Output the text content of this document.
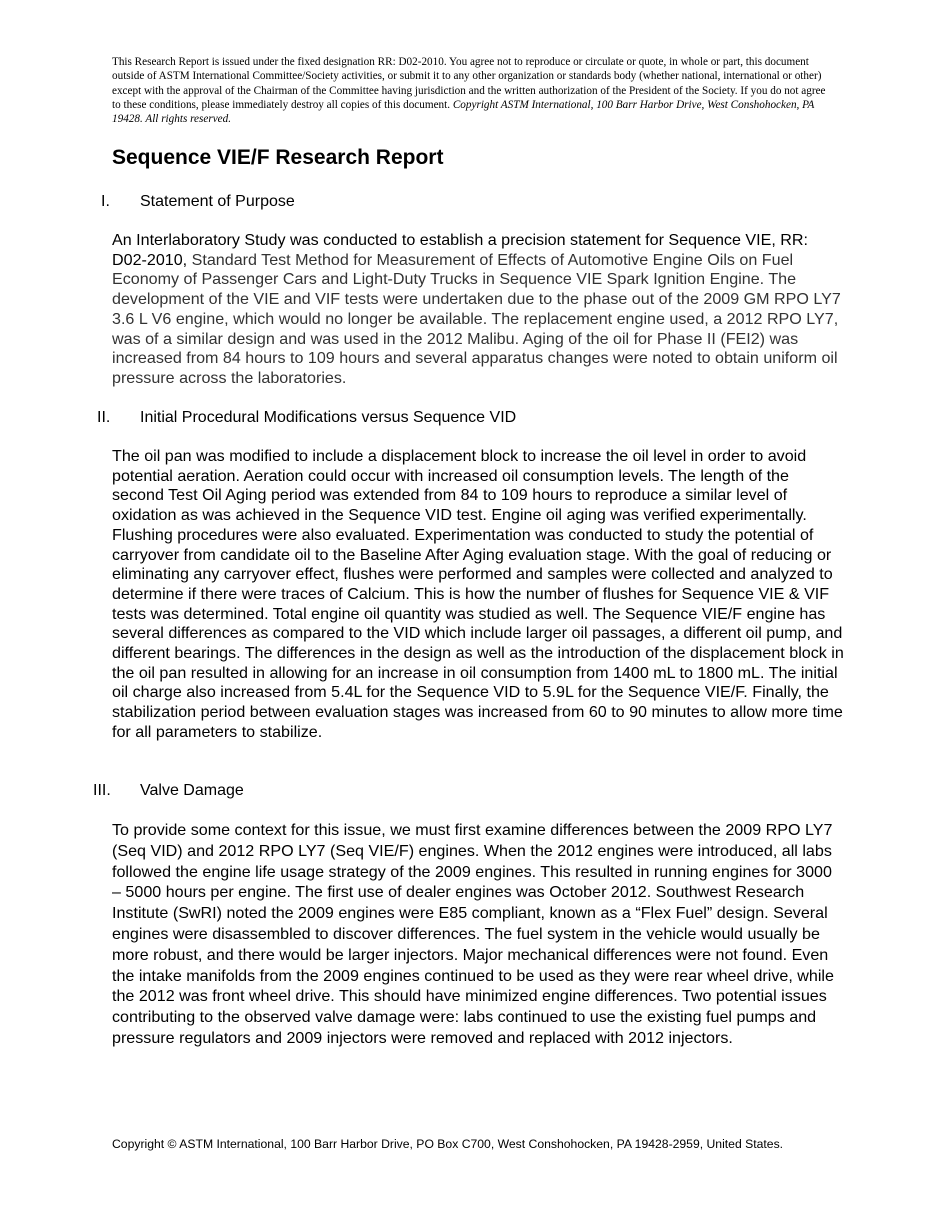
This Research Report is issued under the fixed designation RR: D02-2010. You agree not to reproduce or circulate or quote, in whole or part, this document outside of ASTM International Committee/Society activities, or submit it to any other organization or standards body (whether national, international or other) except with the approval of the Chairman of the Committee having jurisdiction and the written authorization of the President of the Society. If you do not agree to these conditions, please immediately destroy all copies of this document. Copyright ASTM International, 100 Barr Harbor Drive, West Conshohocken, PA 19428. All rights reserved.
Sequence VIE/F Research Report
I.	Statement of Purpose
An Interlaboratory Study was conducted to establish a precision statement for Sequence VIE, RR: D02-2010, Standard Test Method for Measurement of Effects of Automotive Engine Oils on Fuel Economy of Passenger Cars and Light-Duty Trucks in Sequence VIE Spark Ignition Engine. The development of the VIE and VIF tests were undertaken due to the phase out of the 2009 GM RPO LY7 3.6 L V6 engine, which would no longer be available. The replacement engine used, a 2012 RPO LY7, was of a similar design and was used in the 2012 Malibu. Aging of the oil for Phase II (FEI2) was increased from 84 hours to 109 hours and several apparatus changes were noted to obtain uniform oil pressure across the laboratories.
II.	Initial Procedural Modifications versus Sequence VID
The oil pan was modified to include a displacement block to increase the oil level in order to avoid potential aeration. Aeration could occur with increased oil consumption levels. The length of the second Test Oil Aging period was extended from 84 to 109 hours to reproduce a similar level of oxidation as was achieved in the Sequence VID test. Engine oil aging was verified experimentally. Flushing procedures were also evaluated. Experimentation was conducted to study the potential of carryover from candidate oil to the Baseline After Aging evaluation stage. With the goal of reducing or eliminating any carryover effect, flushes were performed and samples were collected and analyzed to determine if there were traces of Calcium. This is how the number of flushes for Sequence VIE & VIF tests was determined. Total engine oil quantity was studied as well. The Sequence VIE/F engine has several differences as compared to the VID which include larger oil passages, a different oil pump, and different bearings. The differences in the design as well as the introduction of the displacement block in the oil pan resulted in allowing for an increase in oil consumption from 1400 mL to 1800 mL. The initial oil charge also increased from 5.4L for the Sequence VID to 5.9L for the Sequence VIE/F. Finally, the stabilization period between evaluation stages was increased from 60 to 90 minutes to allow more time for all parameters to stabilize.
III.	Valve Damage
To provide some context for this issue, we must first examine differences between the 2009 RPO LY7 (Seq VID) and 2012 RPO LY7 (Seq VIE/F) engines. When the 2012 engines were introduced, all labs followed the engine life usage strategy of the 2009 engines. This resulted in running engines for 3000 – 5000 hours per engine. The first use of dealer engines was October 2012. Southwest Research Institute (SwRI) noted the 2009 engines were E85 compliant, known as a “Flex Fuel” design. Several engines were disassembled to discover differences. The fuel system in the vehicle would usually be more robust, and there would be larger injectors. Major mechanical differences were not found. Even the intake manifolds from the 2009 engines continued to be used as they were rear wheel drive, while the 2012 was front wheel drive. This should have minimized engine differences. Two potential issues contributing to the observed valve damage were: labs continued to use the existing fuel pumps and pressure regulators and 2009 injectors were removed and replaced with 2012 injectors.
Copyright © ASTM International, 100 Barr Harbor Drive, PO Box C700, West Conshohocken, PA 19428-2959, United States.
